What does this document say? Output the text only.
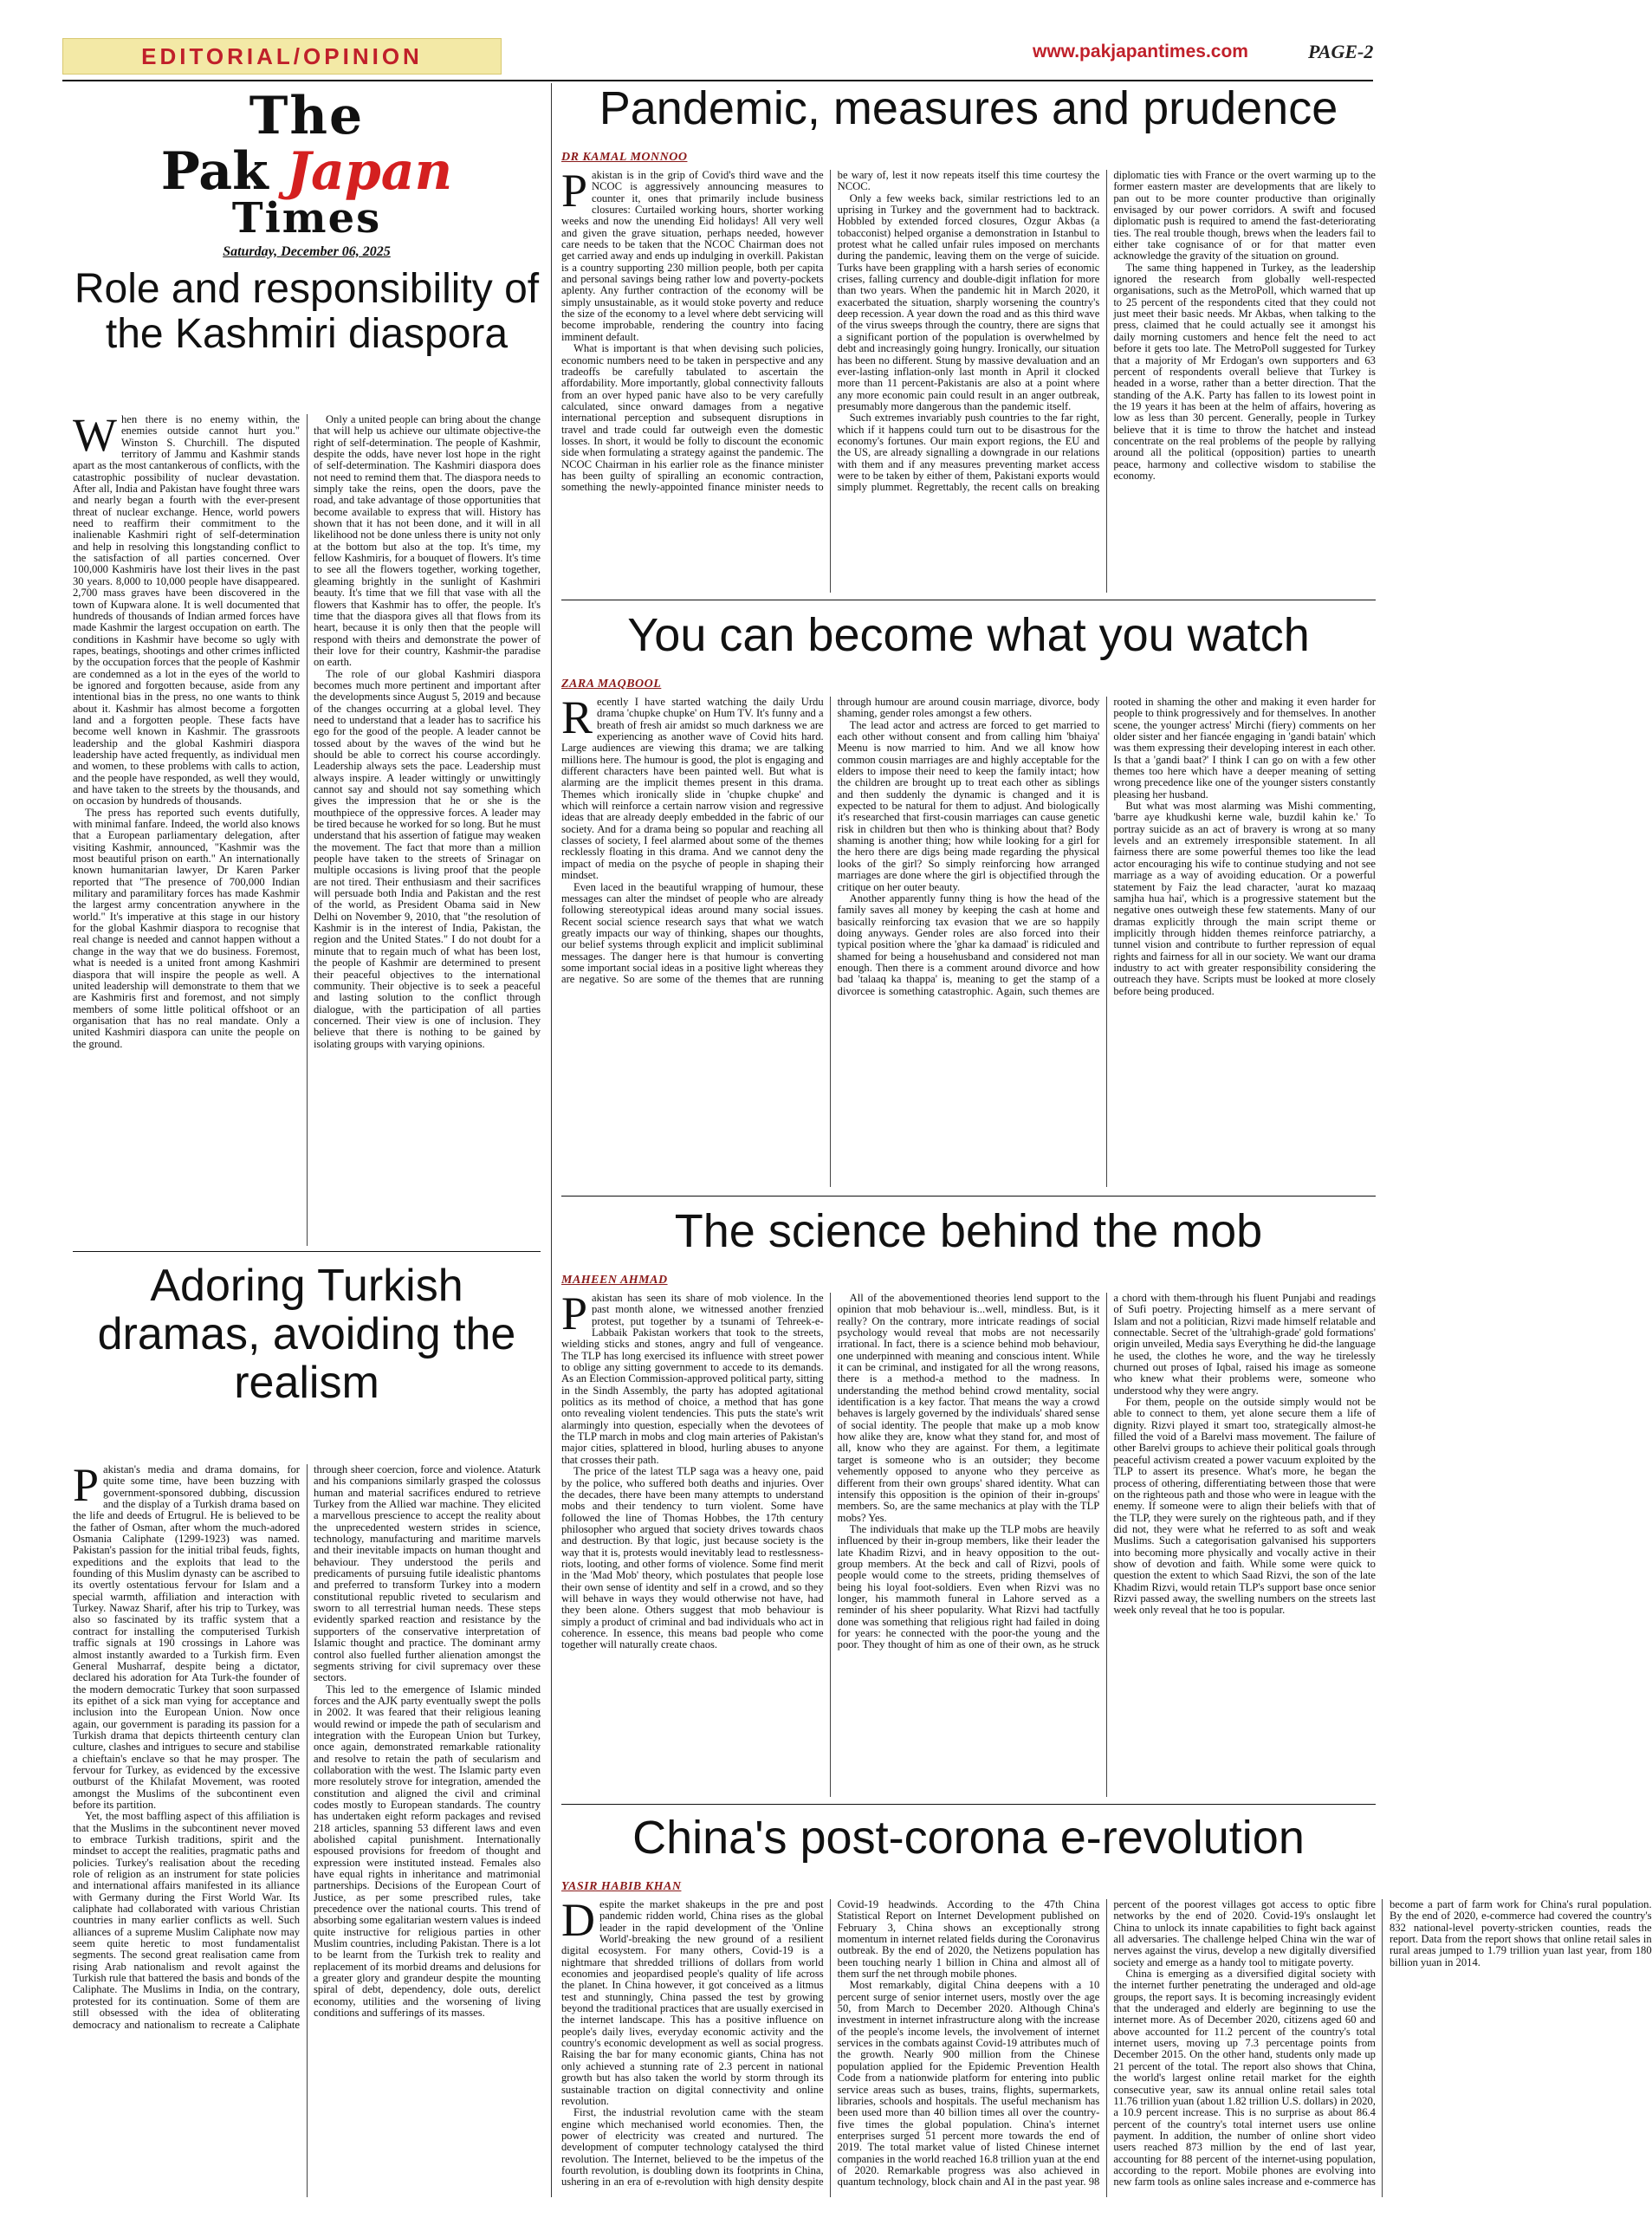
EDITORIAL/OPINION	www.pakjapantimes.com	PAGE-2
The
Pak Japan
Times
Saturday, December 06, 2025
Pandemic, measures and prudence
DR KAMAL MONNOO
P akistan is in the grip of Covid's third wave and the NCOC is aggressively announcing measures to counter it, ones that primarily include business closures: Curtailed working hours, shorter working weeks and now the unending Eid holidays! All very well and given the grave situation, perhaps needed, however care needs to be taken that the NCOC Chairman does not get carried away and ends up indulging in overkill. Pakistan is a country supporting 230 million people, both per capita and personal savings being rather low and poverty-pockets aplenty. Any further contraction of the economy will be simply unsustainable, as it would stoke poverty and reduce the size of the economy to a level where debt servicing will become improbable, rendering the country into facing imminent default.

What is important is that when devising such policies, economic numbers need to be taken in perspective and any tradeoffs be carefully tabulated to ascertain the affordability. More importantly, global connectivity fallouts from an over hyped panic have also to be very carefully calculated, since onward damages from a negative international perception and subsequent disruptions in travel and trade could far outweigh even the domestic losses. In short, it would be folly to discount the economic side when formulating a strategy against the pandemic. The NCOC Chairman in his earlier role as the finance minister has been guilty of spiralling an economic contraction, something the newly-appointed finance minister needs to be wary of, lest it now repeats itself this time courtesy the NCOC.

Only a few weeks back, similar restrictions led to an uprising in Turkey and the government had to backtrack. Hobbled by extended forced closures, Ozgur Akbas (a tobacconist) helped organise a demonstration in Istanbul to protest what he called unfair rules imposed on merchants during the pandemic, leaving them on the verge of suicide. Turks have been grappling with a harsh series of economic crises, falling currency and double-digit inflation for more than two years. When the pandemic hit in March 2020, it exacerbated the situation, sharply worsening the country's deep recession. A year down the road and as this third wave of the virus sweeps through the country, there are signs that a significant portion of the population is overwhelmed by debt and increasingly going hungry. Ironically, our situation has been no different. Stung by massive devaluation and an ever-lasting inflation-only last month in April it clocked more than 11 percent-Pakistanis are also at a point where any more economic pain could result in an anger outbreak, presumably more dangerous than the pandemic itself.

Such extremes invariably push countries to the far right, which if it happens could turn out to be disastrous for the economy's fortunes. Our main export regions, the EU and the US, are already signalling a downgrade in our relations with them and if any measures preventing market access were to be taken by either of them, Pakistani exports would simply plummet. Regrettably, the recent calls on breaking diplomatic ties with France or the overt warming up to the former eastern master are developments that are likely to pan out to be more counter productive than originally envisaged by our power corridors. A swift and focused diplomatic push is required to amend the fast-deteriorating ties. The real trouble though, brews when the leaders fail to either take cognisance of or for that matter even acknowledge the gravity of the situation on ground.

The same thing happened in Turkey, as the leadership ignored the research from globally well-respected organisations, such as the MetroPoll, which warned that up to 25 percent of the respondents cited that they could not just meet their basic needs. Mr Akbas, when talking to the press, claimed that he could actually see it amongst his daily morning customers and hence felt the need to act before it gets too late. The MetroPoll suggested for Turkey that a majority of Mr Erdogan's own supporters and 63 percent of respondents overall believe that Turkey is headed in a worse, rather than a better direction. That the standing of the A.K. Party has fallen to its lowest point in the 19 years it has been at the helm of affairs, hovering as low as less than 30 percent. Generally, people in Turkey believe that it is time to throw the hatchet and instead concentrate on the real problems of the people by rallying around all the political (opposition) parties to unearth peace, harmony and collective wisdom to stabilise the economy.

Role and responsibility of the Kashmiri diaspora
W hen there is no enemy within, the enemies outside cannot hurt you." Winston S. Churchill. The disputed territory of Jammu and Kashmir stands apart as the most cantankerous of conflicts, with the catastrophic possibility of nuclear devastation. After all, India and Pakistan have fought three wars and nearly began a fourth with the ever-present threat of nuclear exchange. Hence, world powers need to reaffirm their commitment to the inalienable Kashmiri right of self-determination and help in resolving this longstanding conflict to the satisfaction of all parties concerned. Over 100,000 Kashmiris have lost their lives in the past 30 years. 8,000 to 10,000 people have disappeared. 2,700 mass graves have been discovered in the town of Kupwara alone. It is well documented that hundreds of thousands of Indian armed forces have made Kashmir the largest occupation on earth. The conditions in Kashmir have become so ugly with rapes, beatings, shootings and other crimes inflicted by the occupation forces that the people of Kashmir are condemned as a lot in the eyes of the world to be ignored and forgotten because, aside from any intentional bias in the press, no one wants to think about it. Kashmir has almost become a forgotten land and a forgotten people. These facts have become well known in Kashmir. The grassroots leadership and the global Kashmiri diaspora leadership have acted frequently, as individual men and women, to these problems with calls to action, and the people have responded, as well they would, and have taken to the streets by the thousands, and on occasion by hundreds of thousands.

The press has reported such events dutifully, with minimal fanfare. Indeed, the world also knows that a European parliamentary delegation, after visiting Kashmir, announced, "Kashmir was the most beautiful prison on earth." An internationally known humanitarian lawyer, Dr Karen Parker reported that "The presence of 700,000 Indian military and paramilitary forces has made Kashmir the largest army concentration anywhere in the world." It's imperative at this stage in our history for the global Kashmir diaspora to recognise that real change is needed and cannot happen without a change in the way that we do business. Foremost, what is needed is a united front among Kashmiri diaspora that will inspire the people as well. A united leadership will demonstrate to them that we are Kashmiris first and foremost, and not simply members of some little political offshoot or an organisation that has no real mandate. Only a united Kashmiri diaspora can unite the people on the ground.

Only a united people can bring about the change that will help us achieve our ultimate objective-the right of self-determination. The people of Kashmir, despite the odds, have never lost hope in the right of self-determination. The Kashmiri diaspora does not need to remind them that. The diaspora needs to simply take the reins, open the doors, pave the road, and take advantage of those opportunities that become available to express that will. History has shown that it has not been done, and it will in all likelihood not be done unless there is unity not only at the bottom but also at the top. It's time, my fellow Kashmiris, for a bouquet of flowers. It's time to see all the flowers together, working together, gleaming brightly in the sunlight of Kashmiri beauty. It's time that we fill that vase with all the flowers that Kashmir has to offer, the people. It's time that the diaspora gives all that flows from its heart, because it is only then that the people will respond with theirs and demonstrate the power of their love for their country, Kashmir-the paradise on earth.

The role of our global Kashmiri diaspora becomes much more pertinent and important after the developments since August 5, 2019 and because of the changes occurring at a global level. They need to understand that a leader has to sacrifice his ego for the good of the people. A leader cannot be tossed about by the waves of the wind but he should be able to correct his course accordingly. Leadership always sets the pace. Leadership must always inspire. A leader wittingly or unwittingly cannot say and should not say something which gives the impression that he or she is the mouthpiece of the oppressive forces. A leader may be tired because he worked for so long. But he must understand that his assertion of fatigue may weaken the movement. The fact that more than a million people have taken to the streets of Srinagar on multiple occasions is living proof that the people are not tired. Their enthusiasm and their sacrifices will persuade both India and Pakistan and the rest of the world, as President Obama said in New Delhi on November 9, 2010, that "the resolution of Kashmir is in the interest of India, Pakistan, the region and the United States." I do not doubt for a minute that to regain much of what has been lost, the people of Kashmir are determined to present their peaceful objectives to the international community. Their objective is to seek a peaceful and lasting solution to the conflict through dialogue, with the participation of all parties concerned. Their view is one of inclusion. They believe that there is nothing to be gained by isolating groups with varying opinions.

You can become what you watch
ZARA MAQBOOL
R ecently I have started watching the daily Urdu drama 'chupke chupke' on Hum TV. It's funny and a breath of fresh air amidst so much darkness we are experiencing as another wave of Covid hits hard. Large audiences are viewing this drama; we are talking millions here. The humour is good, the plot is engaging and different characters have been painted well. But what is alarming are the implicit themes present in this drama. Themes which ironically slide in 'chupke chupke' and which will reinforce a certain narrow vision and regressive ideas that are already deeply embedded in the fabric of our society. And for a drama being so popular and reaching all classes of society, I feel alarmed about some of the themes recklessly floating in this drama. And we cannot deny the impact of media on the psyche of people in shaping their mindset.

Even laced in the beautiful wrapping of humour, these messages can alter the mindset of people who are already following stereotypical ideas around many social issues. Recent social science research says that what we watch greatly impacts our way of thinking, shapes our thoughts, our belief systems through explicit and implicit subliminal messages. The danger here is that humour is converting some important social ideas in a positive light whereas they are negative. So are some of the themes that are running through humour are around cousin marriage, divorce, body shaming, gender roles amongst a few others.

The lead actor and actress are forced to get married to each other without consent and from calling him 'bhaiya' Meenu is now married to him. And we all know how common cousin marriages are and highly acceptable for the elders to impose their need to keep the family intact; how the children are brought up to treat each other as siblings and then suddenly the dynamic is changed and it is expected to be natural for them to adjust. And biologically it's researched that first-cousin marriages can cause genetic risk in children but then who is thinking about that? Body shaming is another thing; how while looking for a girl for the hero there are digs being made regarding the physical looks of the girl? So simply reinforcing how arranged marriages are done where the girl is objectified through the critique on her outer beauty.

Another apparently funny thing is how the head of the family saves all money by keeping the cash at home and basically reinforcing tax evasion that we are so happily doing anyways. Gender roles are also forced into their typical position where the 'ghar ka damaad' is ridiculed and shamed for being a househusband and considered not man enough. Then there is a comment around divorce and how bad 'talaaq ka thappa' is, meaning to get the stamp of a divorcee is something catastrophic. Again, such themes are rooted in shaming the other and making it even harder for people to think progressively and for themselves. In another scene, the younger actress' Mirchi (fiery) comments on her older sister and her fiancée engaging in 'gandi batain' which was them expressing their developing interest in each other. Is that a 'gandi baat?' I think I can go on with a few other themes too here which have a deeper meaning of setting wrong precedence like one of the younger sisters constantly pleasing her husband.

But what was most alarming was Mishi commenting, 'barre aye khudkushi kerne wale, buzdil kahin ke.' To portray suicide as an act of bravery is wrong at so many levels and an extremely irresponsible statement. In all fairness there are some powerful themes too like the lead actor encouraging his wife to continue studying and not see marriage as a way of avoiding education. Or a powerful statement by Faiz the lead character, 'aurat ko mazaaq samjha hua hai', which is a progressive statement but the negative ones outweigh these few statements. Many of our dramas explicitly through the main script theme or implicitly through hidden themes reinforce patriarchy, a tunnel vision and contribute to further repression of equal rights and fairness for all in our society. We want our drama industry to act with greater responsibility considering the outreach they have. Scripts must be looked at more closely before being produced.

The science behind the mob
MAHEEN AHMAD
P akistan has seen its share of mob violence. In the past month alone, we witnessed another frenzied protest, put together by a tsunami of Tehreek-e-Labbaik Pakistan workers that took to the streets, wielding sticks and stones, angry and full of vengeance. The TLP has long exercised its influence with street power to oblige any sitting government to accede to its demands. As an Election Commission-approved political party, sitting in the Sindh Assembly, the party has adopted agitational politics as its method of choice, a method that has gone onto revealing violent tendencies. This puts the state's writ alarmingly into question, especially when the devotees of the TLP march in mobs and clog main arteries of Pakistan's major cities, splattered in blood, hurling abuses to anyone that crosses their path.

The price of the latest TLP saga was a heavy one, paid by the police, who suffered both deaths and injuries. Over the decades, there have been many attempts to understand mobs and their tendency to turn violent. Some have followed the line of Thomas Hobbes, the 17th century philosopher who argued that society drives towards chaos and destruction. By that logic, just because society is the way that it is, protests would inevitably lead to restlessness-riots, looting, and other forms of violence. Some find merit in the 'Mad Mob' theory, which postulates that people lose their own sense of identity and self in a crowd, and so they will behave in ways they would otherwise not have, had they been alone. Others suggest that mob behaviour is simply a product of criminal and bad individuals who act in coherence. In essence, this means bad people who come together will naturally create chaos.

All of the abovementioned theories lend support to the opinion that mob behaviour is...well, mindless. But, is it really? On the contrary, more intricate readings of social psychology would reveal that mobs are not necessarily irrational. In fact, there is a science behind mob behaviour, one underpinned with meaning and conscious intent. While it can be criminal, and instigated for all the wrong reasons, there is a method-a method to the madness. In understanding the method behind crowd mentality, social identification is a key factor. That means the way a crowd behaves is largely governed by the individuals' shared sense of social identity. The people that make up a mob know how alike they are, know what they stand for, and most of all, know who they are against. For them, a legitimate target is someone who is an outsider; they become vehemently opposed to anyone who they perceive as different from their own groups' shared identity. What can intensify this opposition is the opinion of their in-groups' members. So, are the same mechanics at play with the TLP mobs? Yes.

The individuals that make up the TLP mobs are heavily influenced by their in-group members, like their leader the late Khadim Rizvi, and in heavy opposition to the out-group members. At the beck and call of Rizvi, pools of people would come to the streets, priding themselves of being his loyal foot-soldiers. Even when Rizvi was no longer, his mammoth funeral in Lahore served as a reminder of his sheer popularity. What Rizvi had tactfully done was something that religious right had failed in doing for years: he connected with the poor-the young and the poor. They thought of him as one of their own, as he struck a chord with them-through his fluent Punjabi and readings of Sufi poetry. Projecting himself as a mere servant of Islam and not a politician, Rizvi made himself relatable and connectable. Secret of the 'ultrahigh-grade' gold formations' origin unveiled, Media says Everything he did-the language he used, the clothes he wore, and the way he tirelessly churned out proses of Iqbal, raised his image as someone who knew what their problems were, someone who understood why they were angry.

For them, people on the outside simply would not be able to connect to them, yet alone secure them a life of dignity. Rizvi played it smart too, strategically almost-he filled the void of a Barelvi mass movement. The failure of other Barelvi groups to achieve their political goals through peaceful activism created a power vacuum exploited by the TLP to assert its presence. What's more, he began the process of othering, differentiating between those that were on the righteous path and those who were in league with the enemy. If someone were to align their beliefs with that of the TLP, they were surely on the righteous path, and if they did not, they were what he referred to as soft and weak Muslims. Such a categorisation galvanised his supporters into becoming more physically and vocally active in their show of devotion and faith. While some were quick to question the extent to which Saad Rizvi, the son of the late Khadim Rizvi, would retain TLP's support base once senior Rizvi passed away, the swelling numbers on the streets last week only reveal that he too is popular.

Adoring Turkish dramas, avoiding the realism
P akistan's media and drama domains, for quite some time, have been buzzing with government-sponsored dubbing, discussion and the display of a Turkish drama based on the life and deeds of Ertugrul. He is believed to be the father of Osman, after whom the much-adored Osmania Caliphate (1299-1923) was named. Pakistan's passion for the initial tribal feuds, fights, expeditions and the exploits that lead to the founding of this Muslim dynasty can be ascribed to its overtly ostentatious fervour for Islam and a special warmth, affiliation and interaction with Turkey. Nawaz Sharif, after his trip to Turkey, was also so fascinated by its traffic system that a contract for installing the computerised Turkish traffic signals at 190 crossings in Lahore was almost instantly awarded to a Turkish firm. Even General Musharraf, despite being a dictator, declared his adoration for Ata Turk-the founder of the modern democratic Turkey that soon surpassed its epithet of a sick man vying for acceptance and inclusion into the European Union. Now once again, our government is parading its passion for a Turkish drama that depicts thirteenth century clan culture, clashes and intrigues to secure and stabilise a chieftain's enclave so that he may prosper. The fervour for Turkey, as evidenced by the excessive outburst of the Khilafat Movement, was rooted amongst the Muslims of the subcontinent even before its partition.

Yet, the most baffling aspect of this affiliation is that the Muslims in the subcontinent never moved to embrace Turkish traditions, spirit and the mindset to accept the realities, pragmatic paths and policies. Turkey's realisation about the receding role of religion as an instrument for state policies and international affairs manifested in its alliance with Germany during the First World War. Its caliphate had collaborated with various Christian countries in many earlier conflicts as well. Such alliances of a supreme Muslim Caliphate now may seem quite heretic to most fundamentalist segments. The second great realisation came from rising Arab nationalism and revolt against the Turkish rule that battered the basis and bonds of the Caliphate. The Muslims in India, on the contrary, protested for its continuation. Some of them are still obsessed with the idea of obliterating democracy and nationalism to recreate a Caliphate through sheer coercion, force and violence. Ataturk and his companions similarly grasped the colossus human and material sacrifices endured to retrieve Turkey from the Allied war machine. They elicited a marvellous prescience to accept the reality about the unprecedented western strides in science, technology, manufacturing and maritime marvels and their inevitable impacts on human thought and behaviour. They understood the perils and predicaments of pursuing futile idealistic phantoms and preferred to transform Turkey into a modern constitutional republic riveted to secularism and sworn to all terrestrial human needs. These steps evidently sparked reaction and resistance by the supporters of the conservative interpretation of Islamic thought and practice. The dominant army control also fuelled further alienation amongst the segments striving for civil supremacy over these sectors.

This led to the emergence of Islamic minded forces and the AJK party eventually swept the polls in 2002. It was feared that their religious leaning would rewind or impede the path of secularism and integration with the European Union but Turkey, once again, demonstrated remarkable rationality and resolve to retain the path of secularism and collaboration with the west. The Islamic party even more resolutely strove for integration, amended the constitution and aligned the civil and criminal codes mostly to European standards. The country has undertaken eight reform packages and revised 218 articles, spanning 53 different laws and even abolished capital punishment. Internationally espoused provisions for freedom of thought and expression were instituted instead. Females also have equal rights in inheritance and matrimonial partnerships. Decisions of the European Court of Justice, as per some prescribed rules, take precedence over the national courts. This trend of absorbing some egalitarian western values is indeed quite instructive for religious parties in other Muslim countries, including Pakistan. There is a lot to be learnt from the Turkish trek to reality and replacement of its morbid dreams and delusions for a greater glory and grandeur despite the mounting spiral of debt, dependency, dole outs, derelict economy, utilities and the worsening of living conditions and sufferings of its masses.

China's post-corona e-revolution
YASIR HABIB KHAN
D espite the market shakeups in the pre and post pandemic ridden world, China rises as the global leader in the rapid development of the 'Online World'-breaking the new ground of a resilient digital ecosystem. For many others, Covid-19 is a nightmare that shredded trillions of dollars from world economies and jeopardised people's quality of life across the planet. In China however, it got conceived as a litmus test and stunningly, China passed the test by growing beyond the traditional practices that are usually exercised in the internet landscape. This has a positive influence on people's daily lives, everyday economic activity and the country's economic development as well as social progress. Raising the bar for many economic giants, China has not only achieved a stunning rate of 2.3 percent in national growth but has also taken the world by storm through its sustainable traction on digital connectivity and online revolution.

First, the industrial revolution came with the steam engine which mechanised world economies. Then, the power of electricity was created and nurtured. The development of computer technology catalysed the third revolution. The Internet, believed to be the impetus of the fourth revolution, is doubling down its footprints in China, ushering in an era of e-revolution with high density despite Covid-19 headwinds. According to the 47th China Statistical Report on Internet Development published on February 3, China shows an exceptionally strong momentum in internet related fields during the Coronavirus outbreak. By the end of 2020, the Netizens population has been touching nearly 1 billion in China and almost all of them surf the net through mobile phones.

Most remarkably, digital China deepens with a 10 percent surge of senior internet users, mostly over the age 50, from March to December 2020. Although China's investment in internet infrastructure along with the increase of the people's income levels, the involvement of internet services in the combats against Covid-19 attributes much of the growth. Nearly 900 million from the Chinese population applied for the Epidemic Prevention Health Code from a nationwide platform for entering into public service areas such as buses, trains, flights, supermarkets, libraries, schools and hospitals. The useful mechanism has been used more than 40 billion times all over the country-five times the global population. China's internet enterprises surged 51 percent more towards the end of 2019. The total market value of listed Chinese internet companies in the world reached 16.8 trillion yuan at the end of 2020. Remarkable progress was also achieved in quantum technology, block chain and AI in the past year. 98 percent of the poorest villages got access to optic fibre networks by the end of 2020. Covid-19's onslaught let China to unlock its innate capabilities to fight back against all adversaries. The challenge helped China win the war of nerves against the virus, develop a new digitally diversified society and emerge as a handy tool to mitigate poverty.

China is emerging as a diversified digital society with the internet further penetrating the underaged and old-age groups, the report says. It is becoming increasingly evident that the underaged and elderly are beginning to use the internet more. As of December 2020, citizens aged 60 and above accounted for 11.2 percent of the country's total internet users, moving up 7.3 percentage points from December 2015. On the other hand, students only made up 21 percent of the total. The report also shows that China, the world's largest online retail market for the eighth consecutive year, saw its annual online retail sales total 11.76 trillion yuan (about 1.82 trillion U.S. dollars) in 2020, a 10.9 percent increase. This is no surprise as about 86.4 percent of the country's total internet users use online payment. In addition, the number of online short video users reached 873 million by the end of last year, accounting for 88 percent of the internet-using population, according to the report. Mobile phones are evolving into new farm tools as online sales increase and e-commerce has become a part of farm work for China's rural population. By the end of 2020, e-commerce had covered the country's 832 national-level poverty-stricken counties, reads the report. Data from the report shows that online retail sales in rural areas jumped to 1.79 trillion yuan last year, from 180 billion yuan in 2014.
